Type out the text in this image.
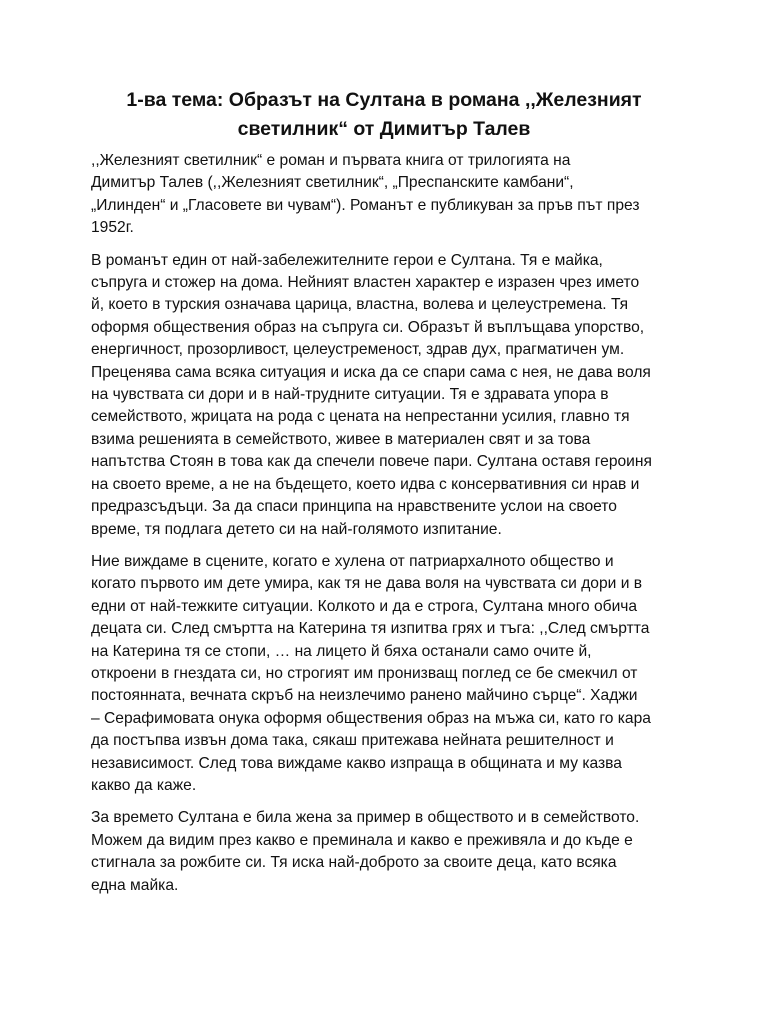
1-ва тема: Образът на Султана в романа ,,Железният
светилник“ от Димитър Талев

,,Железният светилник“ е роман и първата книга от трилогията на
Димитър Талев (,,Железният светилник“, „Преспанските камбани“,
„Илинден“ и „Гласовете ви чувам“). Романът е публикуван за пръв път през
1952г.

В романът един от най-забележителните герои е Султана. Тя е майка,
съпруга и стожер на дома. Нейният властен характер е изразен чрез името
й, което в турския означава царица, властна, волева и целеустремена. Тя
оформя обществения образ на съпруга си. Образът й въплъщава упорство,
енергичност, прозорливост, целеустременост, здрав дух, прагматичен ум.
Преценява сама всяка ситуация и иска да се спари сама с нея, не дава воля
на чувствата си дори и в най-трудните ситуации. Тя е здравата упора в
семейството, жрицата на рода с цената на непрестанни усилия, главно тя
взима решенията в семейството, живее в материален свят и за това
напътства Стоян в това как да спечели повече пари. Султана оставя героиня
на своето време, а не на бъдещето, което идва с консервативния си нрав и
предразсъдъци. За да спаси принципа на нравствените услои на своето
време, тя подлага детето си на най-голямото изпитание.

Ние виждаме в сцените, когато е хулена от патриархалното общество и
когато първото им дете умира, как тя не дава воля на чувствата си дори и в
едни от най-тежките ситуации. Колкото и да е строга, Султана много обича
децата си. След смъртта на Катерина тя изпитва грях и тъга: ,,След смъртта
на Катерина тя се стопи, … на лицето й бяха останали само очите й,
откроени в гнездата си, но строгият им пронизващ поглед се бе смекчил от
постоянната, вечната скръб на неизлечимо ранено майчино сърце“. Хаджи
– Серафимовата онука оформя обществения образ на мъжа си, като го кара
да постъпва извън дома така, сякаш притежава нейната решителност и
независимост. След това виждаме какво изпраща в общината и му казва
какво да каже.

За времето Султана е била жена за пример в обществото и в семейството.
Можем да видим през какво е преминала и какво е преживяла и до къде е
стигнала за рожбите си. Тя иска най-доброто за своите деца, като всяка
една майка.
